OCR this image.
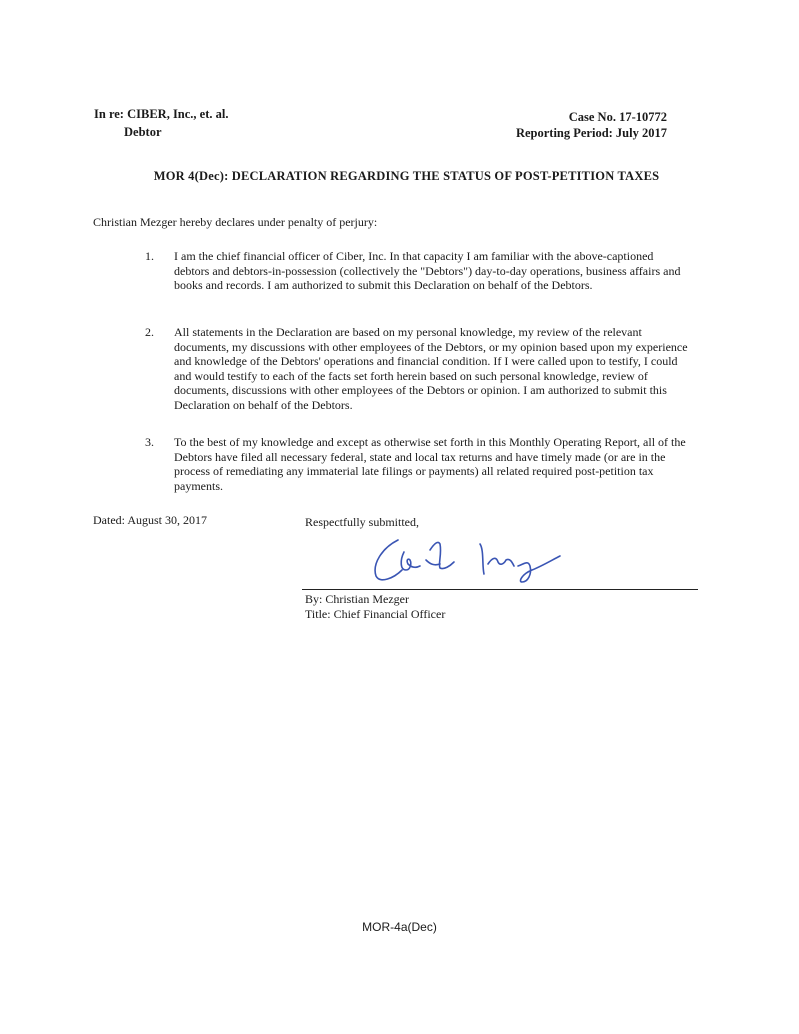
In re: CIBER, Inc., et. al.
Debtor
Case No. 17-10772
Reporting Period: July 2017
MOR 4(Dec): DECLARATION REGARDING THE STATUS OF POST-PETITION TAXES
Christian Mezger hereby declares under penalty of perjury:
1. I am the chief financial officer of Ciber, Inc. In that capacity I am familiar with the above-captioned
debtors and debtors-in-possession (collectively the "Debtors") day-to-day operations, business affairs and
books and records. I am authorized to submit this Declaration on behalf of the Debtors.
2. All statements in the Declaration are based on my personal knowledge, my review of the relevant
documents, my discussions with other employees of the Debtors, or my opinion based upon my experience
and knowledge of the Debtors' operations and financial condition. If I were called upon to testify, I could
and would testify to each of the facts set forth herein based on such personal knowledge, review of
documents, discussions with other employees of the Debtors or opinion. I am authorized to submit this
Declaration on behalf of the Debtors.
3. To the best of my knowledge and except as otherwise set forth in this Monthly Operating Report, all of the
Debtors have filed all necessary federal, state and local tax returns and have timely made (or are in the
process of remediating any immaterial late filings or payments) all related required post-petition tax
payments.
Dated: August 30, 2017	Respectfully submitted,
By: Christian Mezger
Title: Chief Financial Officer
MOR-4a(Dec)
